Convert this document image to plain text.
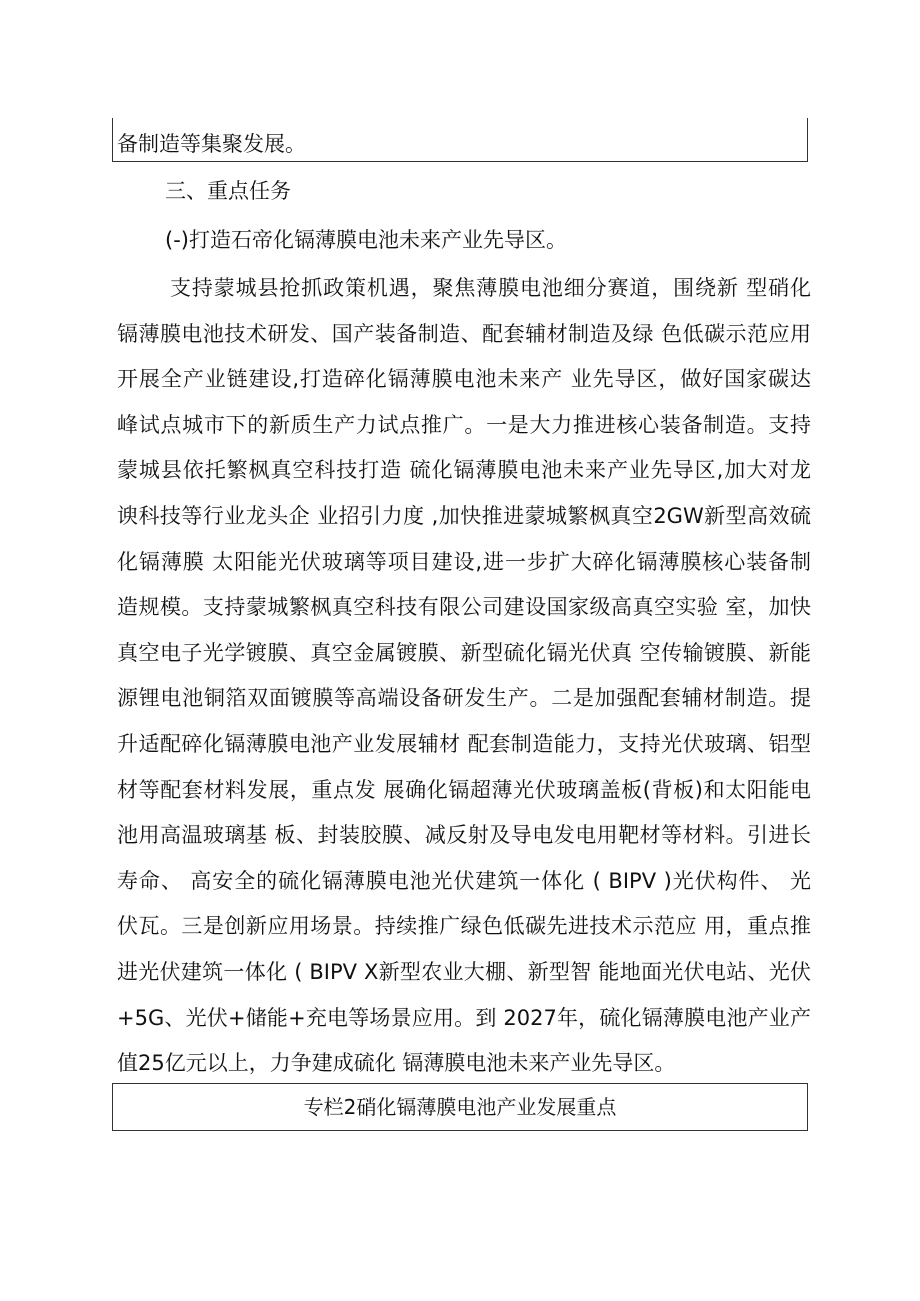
备制造等集聚发展。
三、重点任务
(-)打造石帝化镉薄膜电池未来产业先导区。
支持蒙城县抢抓政策机遇，聚焦薄膜电池细分赛道，围绕新 型硝化
镉薄膜电池技术研发、国产装备制造、配套辅材制造及绿 色低碳示范应用
开展全产业链建设,打造碎化镉薄膜电池未来产 业先导区，做好国家碳达
峰试点城市下的新质生产力试点推广。一是大力推进核心装备制造。支持
蒙城县依托繁枫真空科技打造 硫化镉薄膜电池未来产业先导区,加大对龙
谀科技等行业龙头企 业招引力度 ,加快推进蒙城繁枫真空2GW新型高效硫
化镉薄膜 太阳能光伏玻璃等项目建设,进一步扩大碎化镉薄膜核心装备制
造规模。支持蒙城繁枫真空科技有限公司建设国家级高真空实验 室，加快
真空电子光学镀膜、真空金属镀膜、新型硫化镉光伏真 空传输镀膜、新能
源锂电池铜箔双面镀膜等高端设备研发生产。二是加强配套辅材制造。提
升适配碎化镉薄膜电池产业发展辅材 配套制造能力，支持光伏玻璃、铝型
材等配套材料发展，重点发 展确化镉超薄光伏玻璃盖板(背板)和太阳能电
池用高温玻璃基 板、封装胶膜、减反射及导电发电用靶材等材料。引进长
寿命、 高安全的硫化镉薄膜电池光伏建筑一体化 ( BIPV )光伏构件、 光
伏瓦。三是创新应用场景。持续推广绿色低碳先进技术示范应 用，重点推
进光伏建筑一体化 ( BIPV X新型农业大棚、新型智 能地面光伏电站、光伏
+5G、光伏+储能+充电等场景应用。到 2027年，硫化镉薄膜电池产业产
值25亿元以上，力争建成硫化 镉薄膜电池未来产业先导区。
专栏2硝化镉薄膜电池产业发展重点
